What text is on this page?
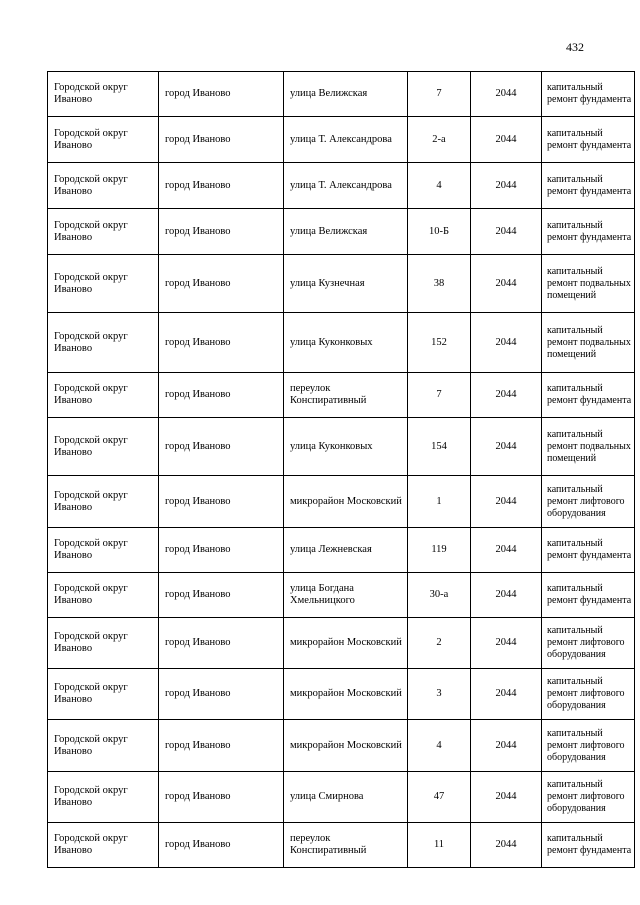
432
Городской округ Иваново	город Иваново	улица Велижская	7	2044	капитальный ремонт фундамента
Городской округ Иваново	город Иваново	улица Т. Александрова	2-а	2044	капитальный ремонт фундамента
Городской округ Иваново	город Иваново	улица Т. Александрова	4	2044	капитальный ремонт фундамента
Городской округ Иваново	город Иваново	улица Велижская	10-Б	2044	капитальный ремонт фундамента
Городской округ Иваново	город Иваново	улица Кузнечная	38	2044	капитальный ремонт подвальных помещений
Городской округ Иваново	город Иваново	улица Куконковых	152	2044	капитальный ремонт подвальных помещений
Городской округ Иваново	город Иваново	переулок Конспиративный	7	2044	капитальный ремонт фундамента
Городской округ Иваново	город Иваново	улица Куконковых	154	2044	капитальный ремонт подвальных помещений
Городской округ Иваново	город Иваново	микрорайон Московский	1	2044	капитальный ремонт лифтового оборудования
Городской округ Иваново	город Иваново	улица Лежневская	119	2044	капитальный ремонт фундамента
Городской округ Иваново	город Иваново	улица Богдана Хмельницкого	30-а	2044	капитальный ремонт фундамента
Городской округ Иваново	город Иваново	микрорайон Московский	2	2044	капитальный ремонт лифтового оборудования
Городской округ Иваново	город Иваново	микрорайон Московский	3	2044	капитальный ремонт лифтового оборудования
Городской округ Иваново	город Иваново	микрорайон Московский	4	2044	капитальный ремонт лифтового оборудования
Городской округ Иваново	город Иваново	улица Смирнова	47	2044	капитальный ремонт лифтового оборудования
Городской округ Иваново	город Иваново	переулок Конспиративный	11	2044	капитальный ремонт фундамента
